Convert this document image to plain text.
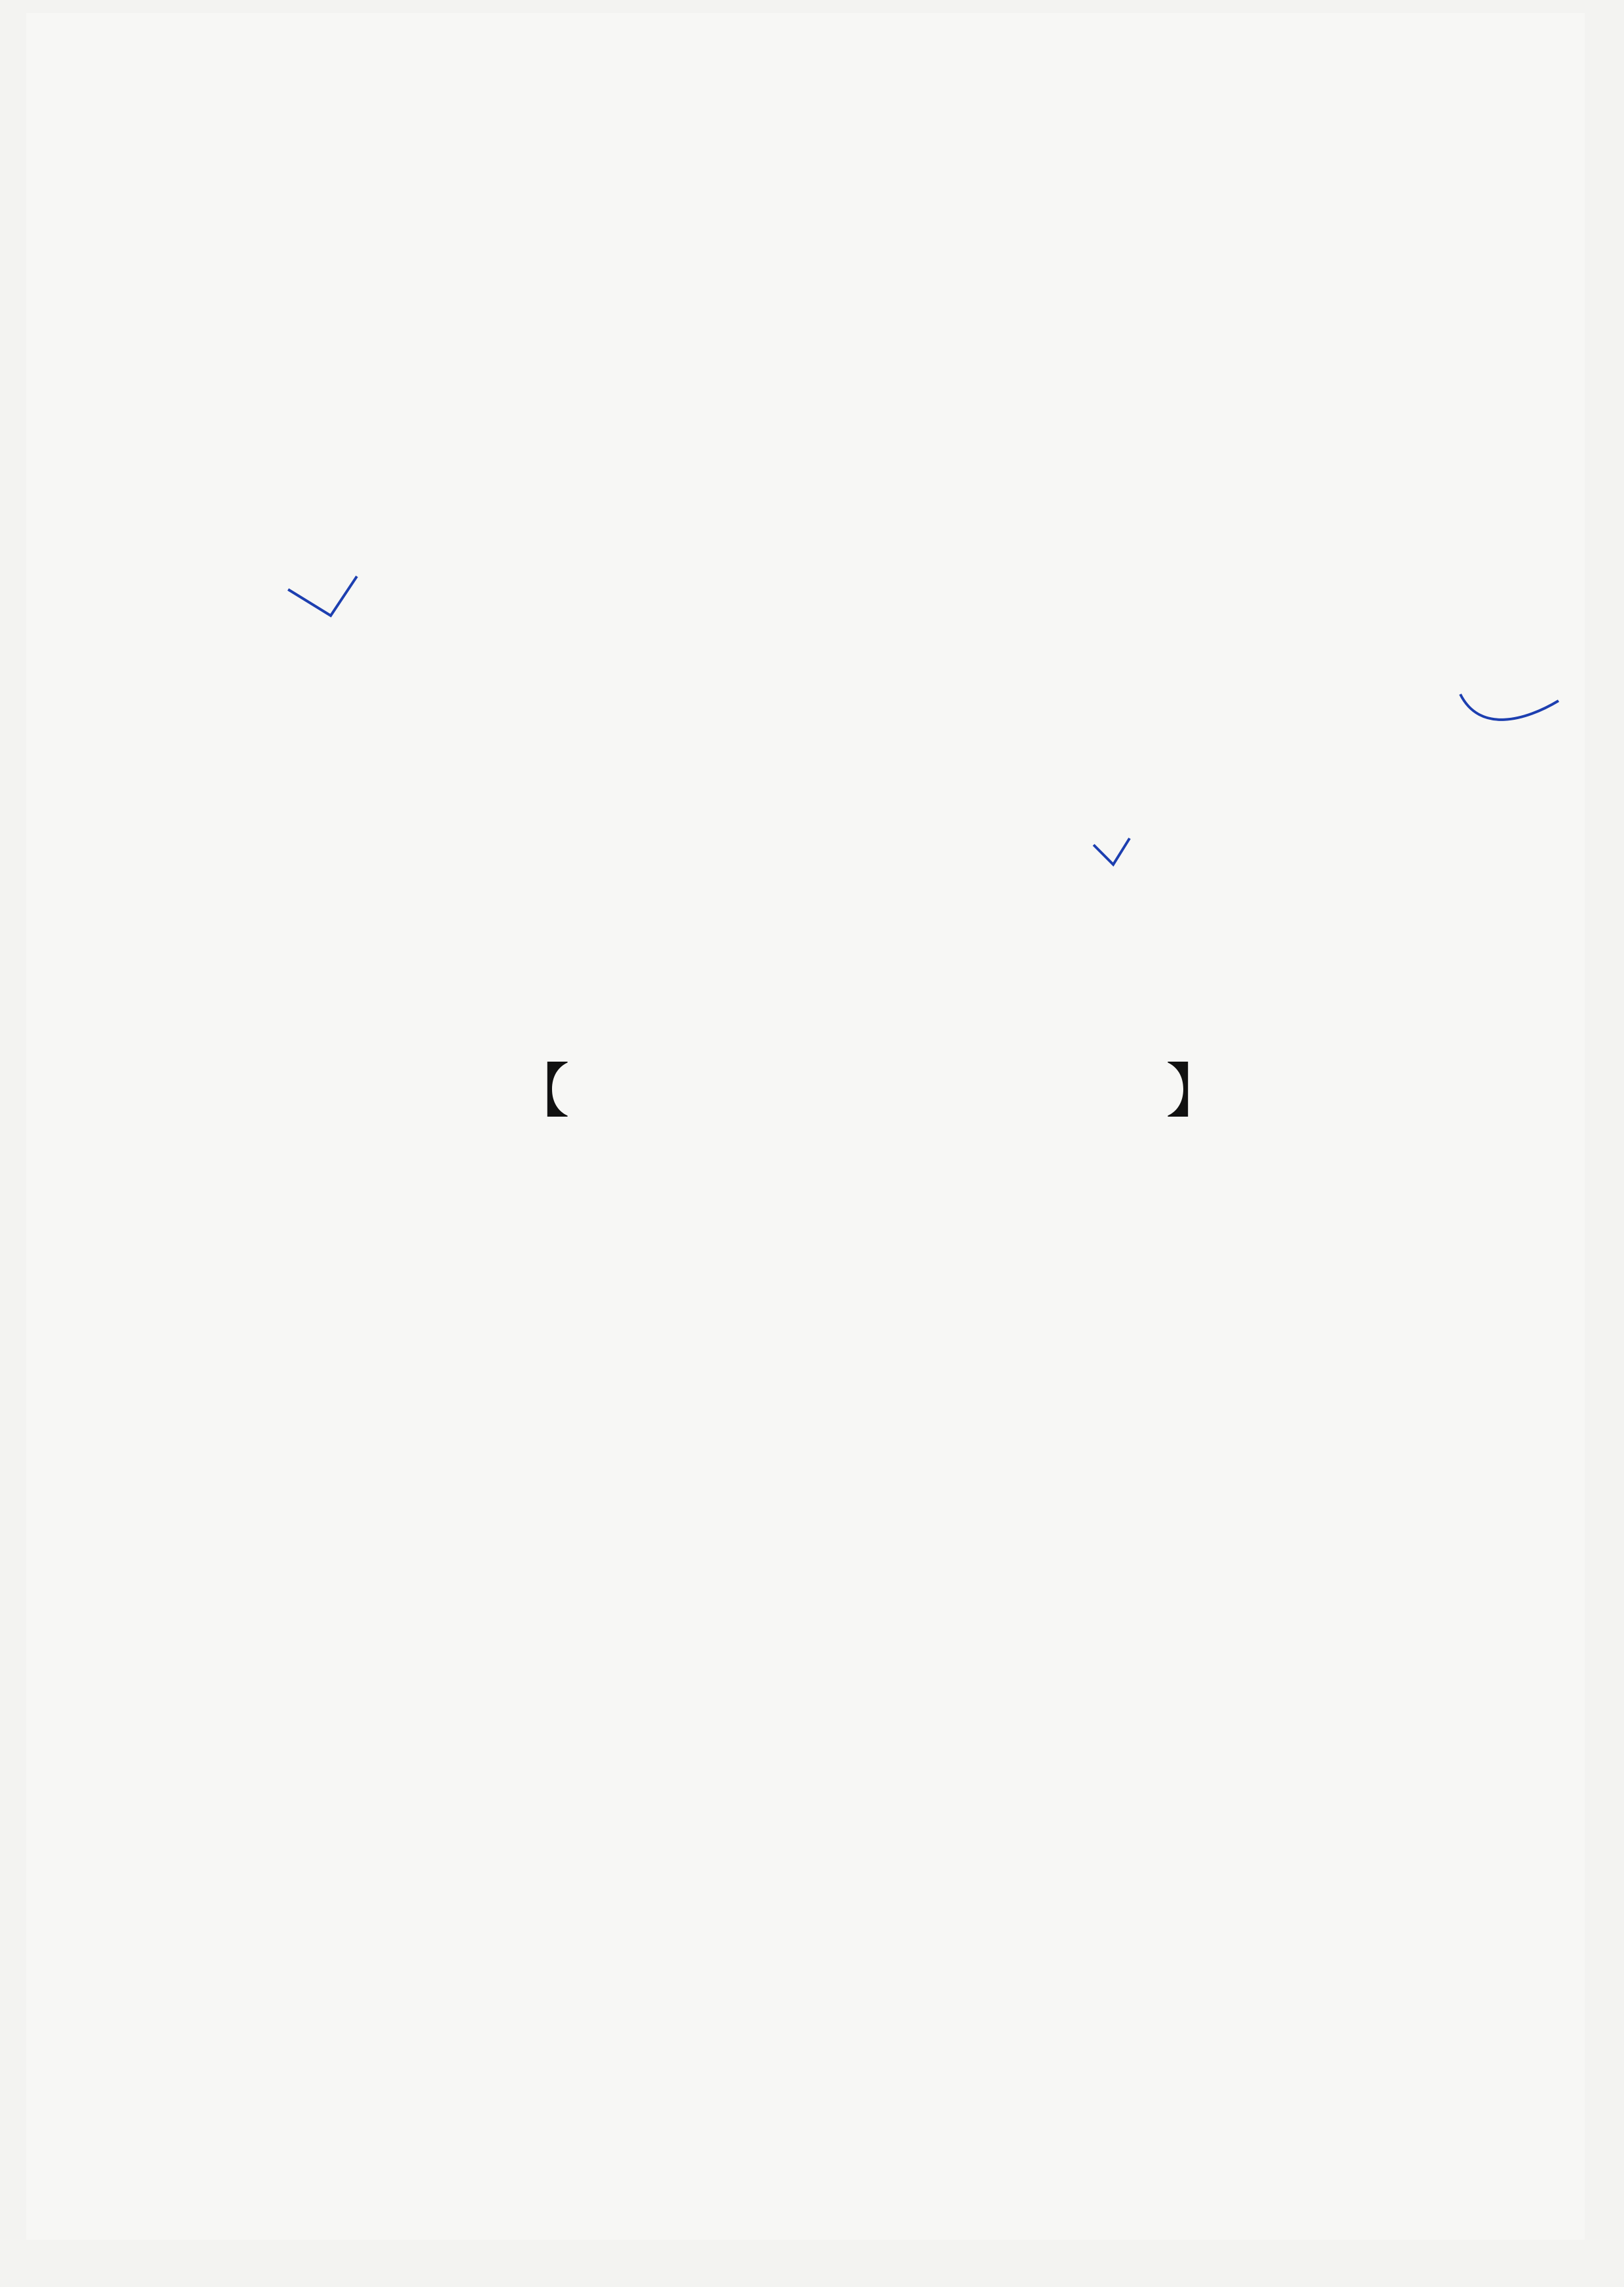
【	】
